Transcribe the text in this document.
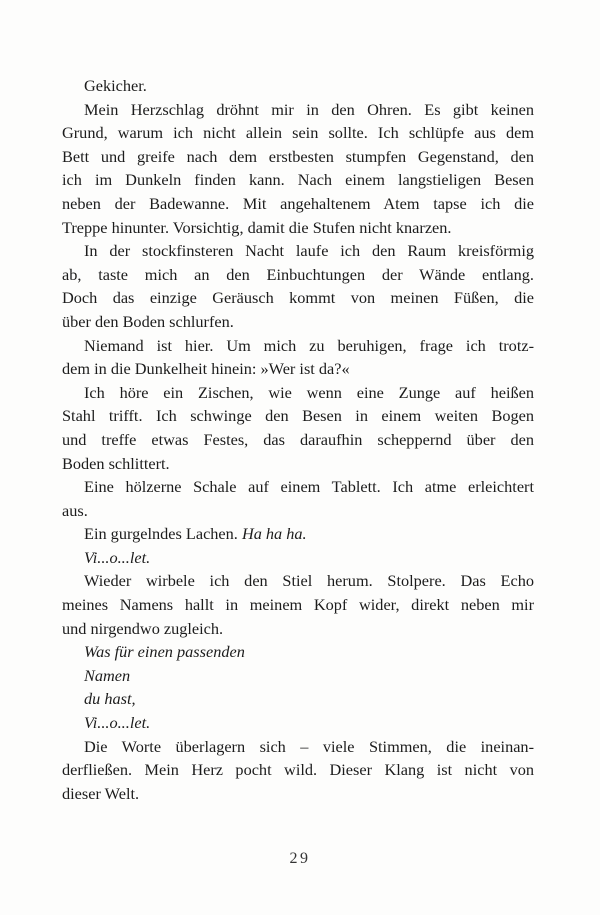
Gekicher.
Mein Herzschlag dröhnt mir in den Ohren. Es gibt keinen
Grund, warum ich nicht allein sein sollte. Ich schlüpfe aus dem
Bett und greife nach dem erstbesten stumpfen Gegenstand, den
ich im Dunkeln finden kann. Nach einem langstieligen Besen
neben der Badewanne. Mit angehaltenem Atem tapse ich die
Treppe hinunter. Vorsichtig, damit die Stufen nicht knarzen.
In der stockfinsteren Nacht laufe ich den Raum kreisförmig
ab, taste mich an den Einbuchtungen der Wände entlang.
Doch das einzige Geräusch kommt von meinen Füßen, die
über den Boden schlurfen.
Niemand ist hier. Um mich zu beruhigen, frage ich trotz-
dem in die Dunkelheit hinein: »Wer ist da?«
Ich höre ein Zischen, wie wenn eine Zunge auf heißen
Stahl trifft. Ich schwinge den Besen in einem weiten Bogen
und treffe etwas Festes, das daraufhin scheppernd über den
Boden schlittert.
Eine hölzerne Schale auf einem Tablett. Ich atme erleichtert
aus.
Ein gurgelndes Lachen. Ha ha ha.
Vi...o...let.
Wieder wirbele ich den Stiel herum. Stolpere. Das Echo
meines Namens hallt in meinem Kopf wider, direkt neben mir
und nirgendwo zugleich.
Was für einen passenden
Namen
du hast,
Vi...o...let.
Die Worte überlagern sich – viele Stimmen, die ineinan-
derfließen. Mein Herz pocht wild. Dieser Klang ist nicht von
dieser Welt.
29
